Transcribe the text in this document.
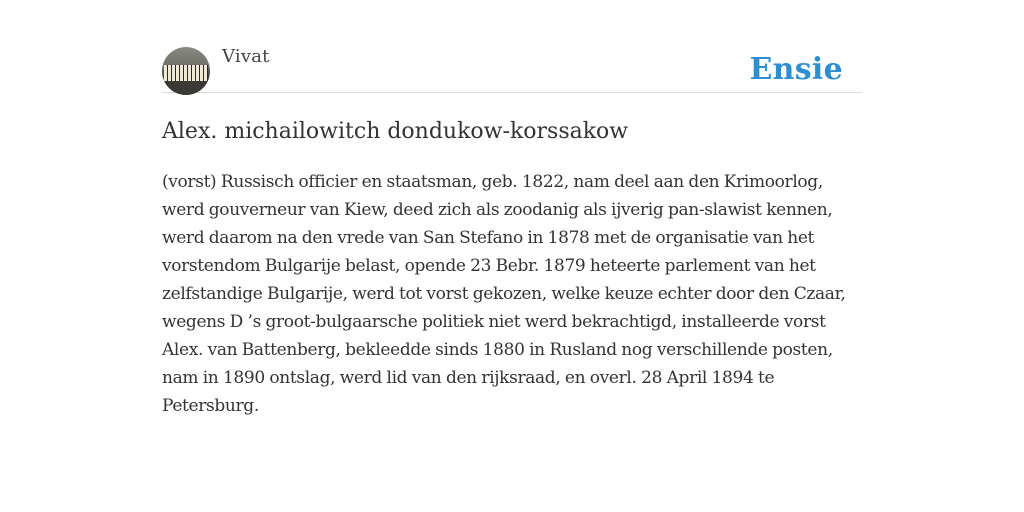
Vivat	Ensie
Alex. michailowitch dondukow-korssakow
(vorst) Russisch officier en staatsman, geb. 1822, nam deel aan den Krimoorlog, werd gouverneur van Kiew, deed zich als zoodanig als ijverig pan-slawist kennen, werd daarom na den vrede van San Stefano in 1878 met de organisatie van het vorstendom Bulgarije belast, opende 23 Bebr. 1879 heteerte parlement van het zelfstandige Bulgarije, werd tot vorst gekozen, welke keuze echter door den Czaar, wegens D ’s groot-bulgaarsche politiek niet werd bekrachtigd, installeerde vorst Alex. van Battenberg, bekleedde sinds 1880 in Rusland nog verschillende posten, nam in 1890 ontslag, werd lid van den rijksraad, en overl. 28 April 1894 te Petersburg.
